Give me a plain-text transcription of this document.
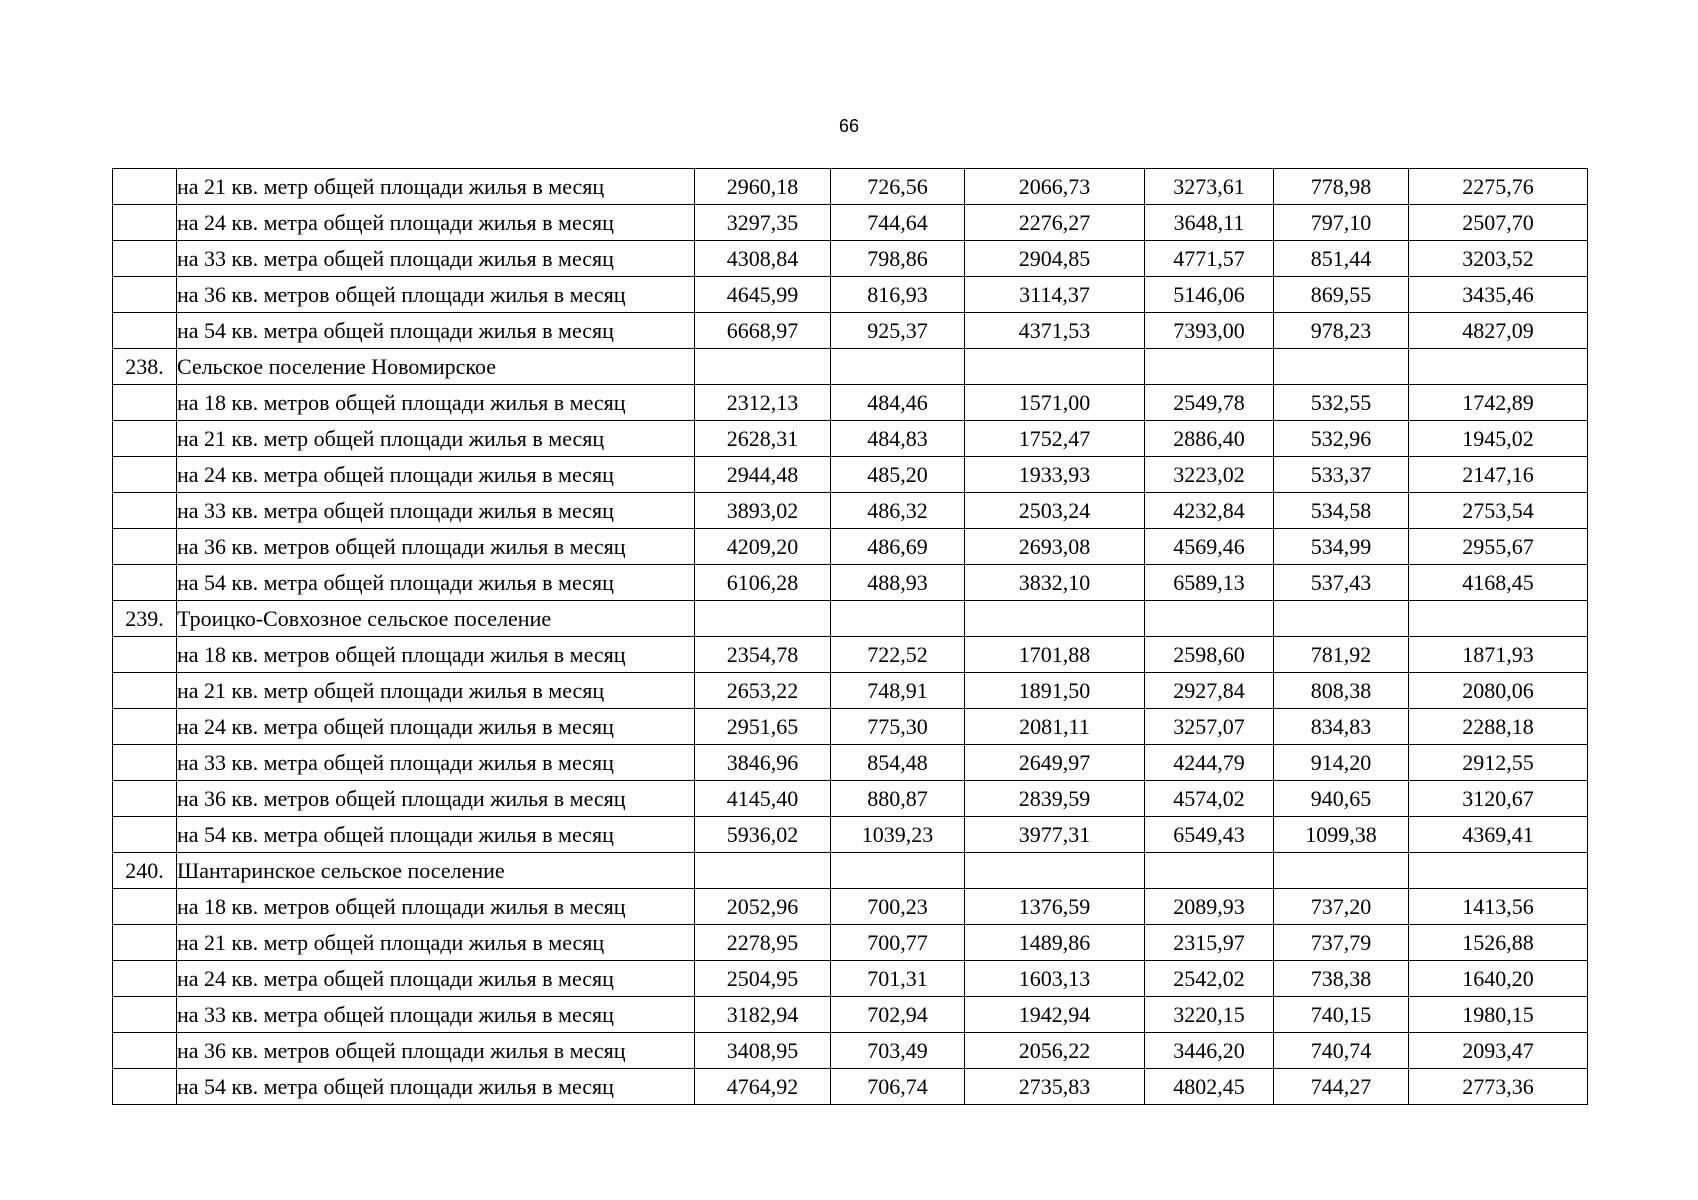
66
	на 21 кв. метр общей площади жилья в месяц	2960,18	726,56	2066,73	3273,61	778,98	2275,76
	на 24 кв. метра общей площади жилья в месяц	3297,35	744,64	2276,27	3648,11	797,10	2507,70
	на 33 кв. метра общей площади жилья в месяц	4308,84	798,86	2904,85	4771,57	851,44	3203,52
	на 36 кв. метров общей площади жилья в месяц	4645,99	816,93	3114,37	5146,06	869,55	3435,46
	на 54 кв. метра общей площади жилья в месяц	6668,97	925,37	4371,53	7393,00	978,23	4827,09
238.	Сельское поселение Новомирское						
	на 18 кв. метров общей площади жилья в месяц	2312,13	484,46	1571,00	2549,78	532,55	1742,89
	на 21 кв. метр общей площади жилья в месяц	2628,31	484,83	1752,47	2886,40	532,96	1945,02
	на 24 кв. метра общей площади жилья в месяц	2944,48	485,20	1933,93	3223,02	533,37	2147,16
	на 33 кв. метра общей площади жилья в месяц	3893,02	486,32	2503,24	4232,84	534,58	2753,54
	на 36 кв. метров общей площади жилья в месяц	4209,20	486,69	2693,08	4569,46	534,99	2955,67
	на 54 кв. метра общей площади жилья в месяц	6106,28	488,93	3832,10	6589,13	537,43	4168,45
239.	Троицко-Совхозное сельское поселение						
	на 18 кв. метров общей площади жилья в месяц	2354,78	722,52	1701,88	2598,60	781,92	1871,93
	на 21 кв. метр общей площади жилья в месяц	2653,22	748,91	1891,50	2927,84	808,38	2080,06
	на 24 кв. метра общей площади жилья в месяц	2951,65	775,30	2081,11	3257,07	834,83	2288,18
	на 33 кв. метра общей площади жилья в месяц	3846,96	854,48	2649,97	4244,79	914,20	2912,55
	на 36 кв. метров общей площади жилья в месяц	4145,40	880,87	2839,59	4574,02	940,65	3120,67
	на 54 кв. метра общей площади жилья в месяц	5936,02	1039,23	3977,31	6549,43	1099,38	4369,41
240.	Шантаринское сельское поселение						
	на 18 кв. метров общей площади жилья в месяц	2052,96	700,23	1376,59	2089,93	737,20	1413,56
	на 21 кв. метр общей площади жилья в месяц	2278,95	700,77	1489,86	2315,97	737,79	1526,88
	на 24 кв. метра общей площади жилья в месяц	2504,95	701,31	1603,13	2542,02	738,38	1640,20
	на 33 кв. метра общей площади жилья в месяц	3182,94	702,94	1942,94	3220,15	740,15	1980,15
	на 36 кв. метров общей площади жилья в месяц	3408,95	703,49	2056,22	3446,20	740,74	2093,47
	на 54 кв. метра общей площади жилья в месяц	4764,92	706,74	2735,83	4802,45	744,27	2773,36
